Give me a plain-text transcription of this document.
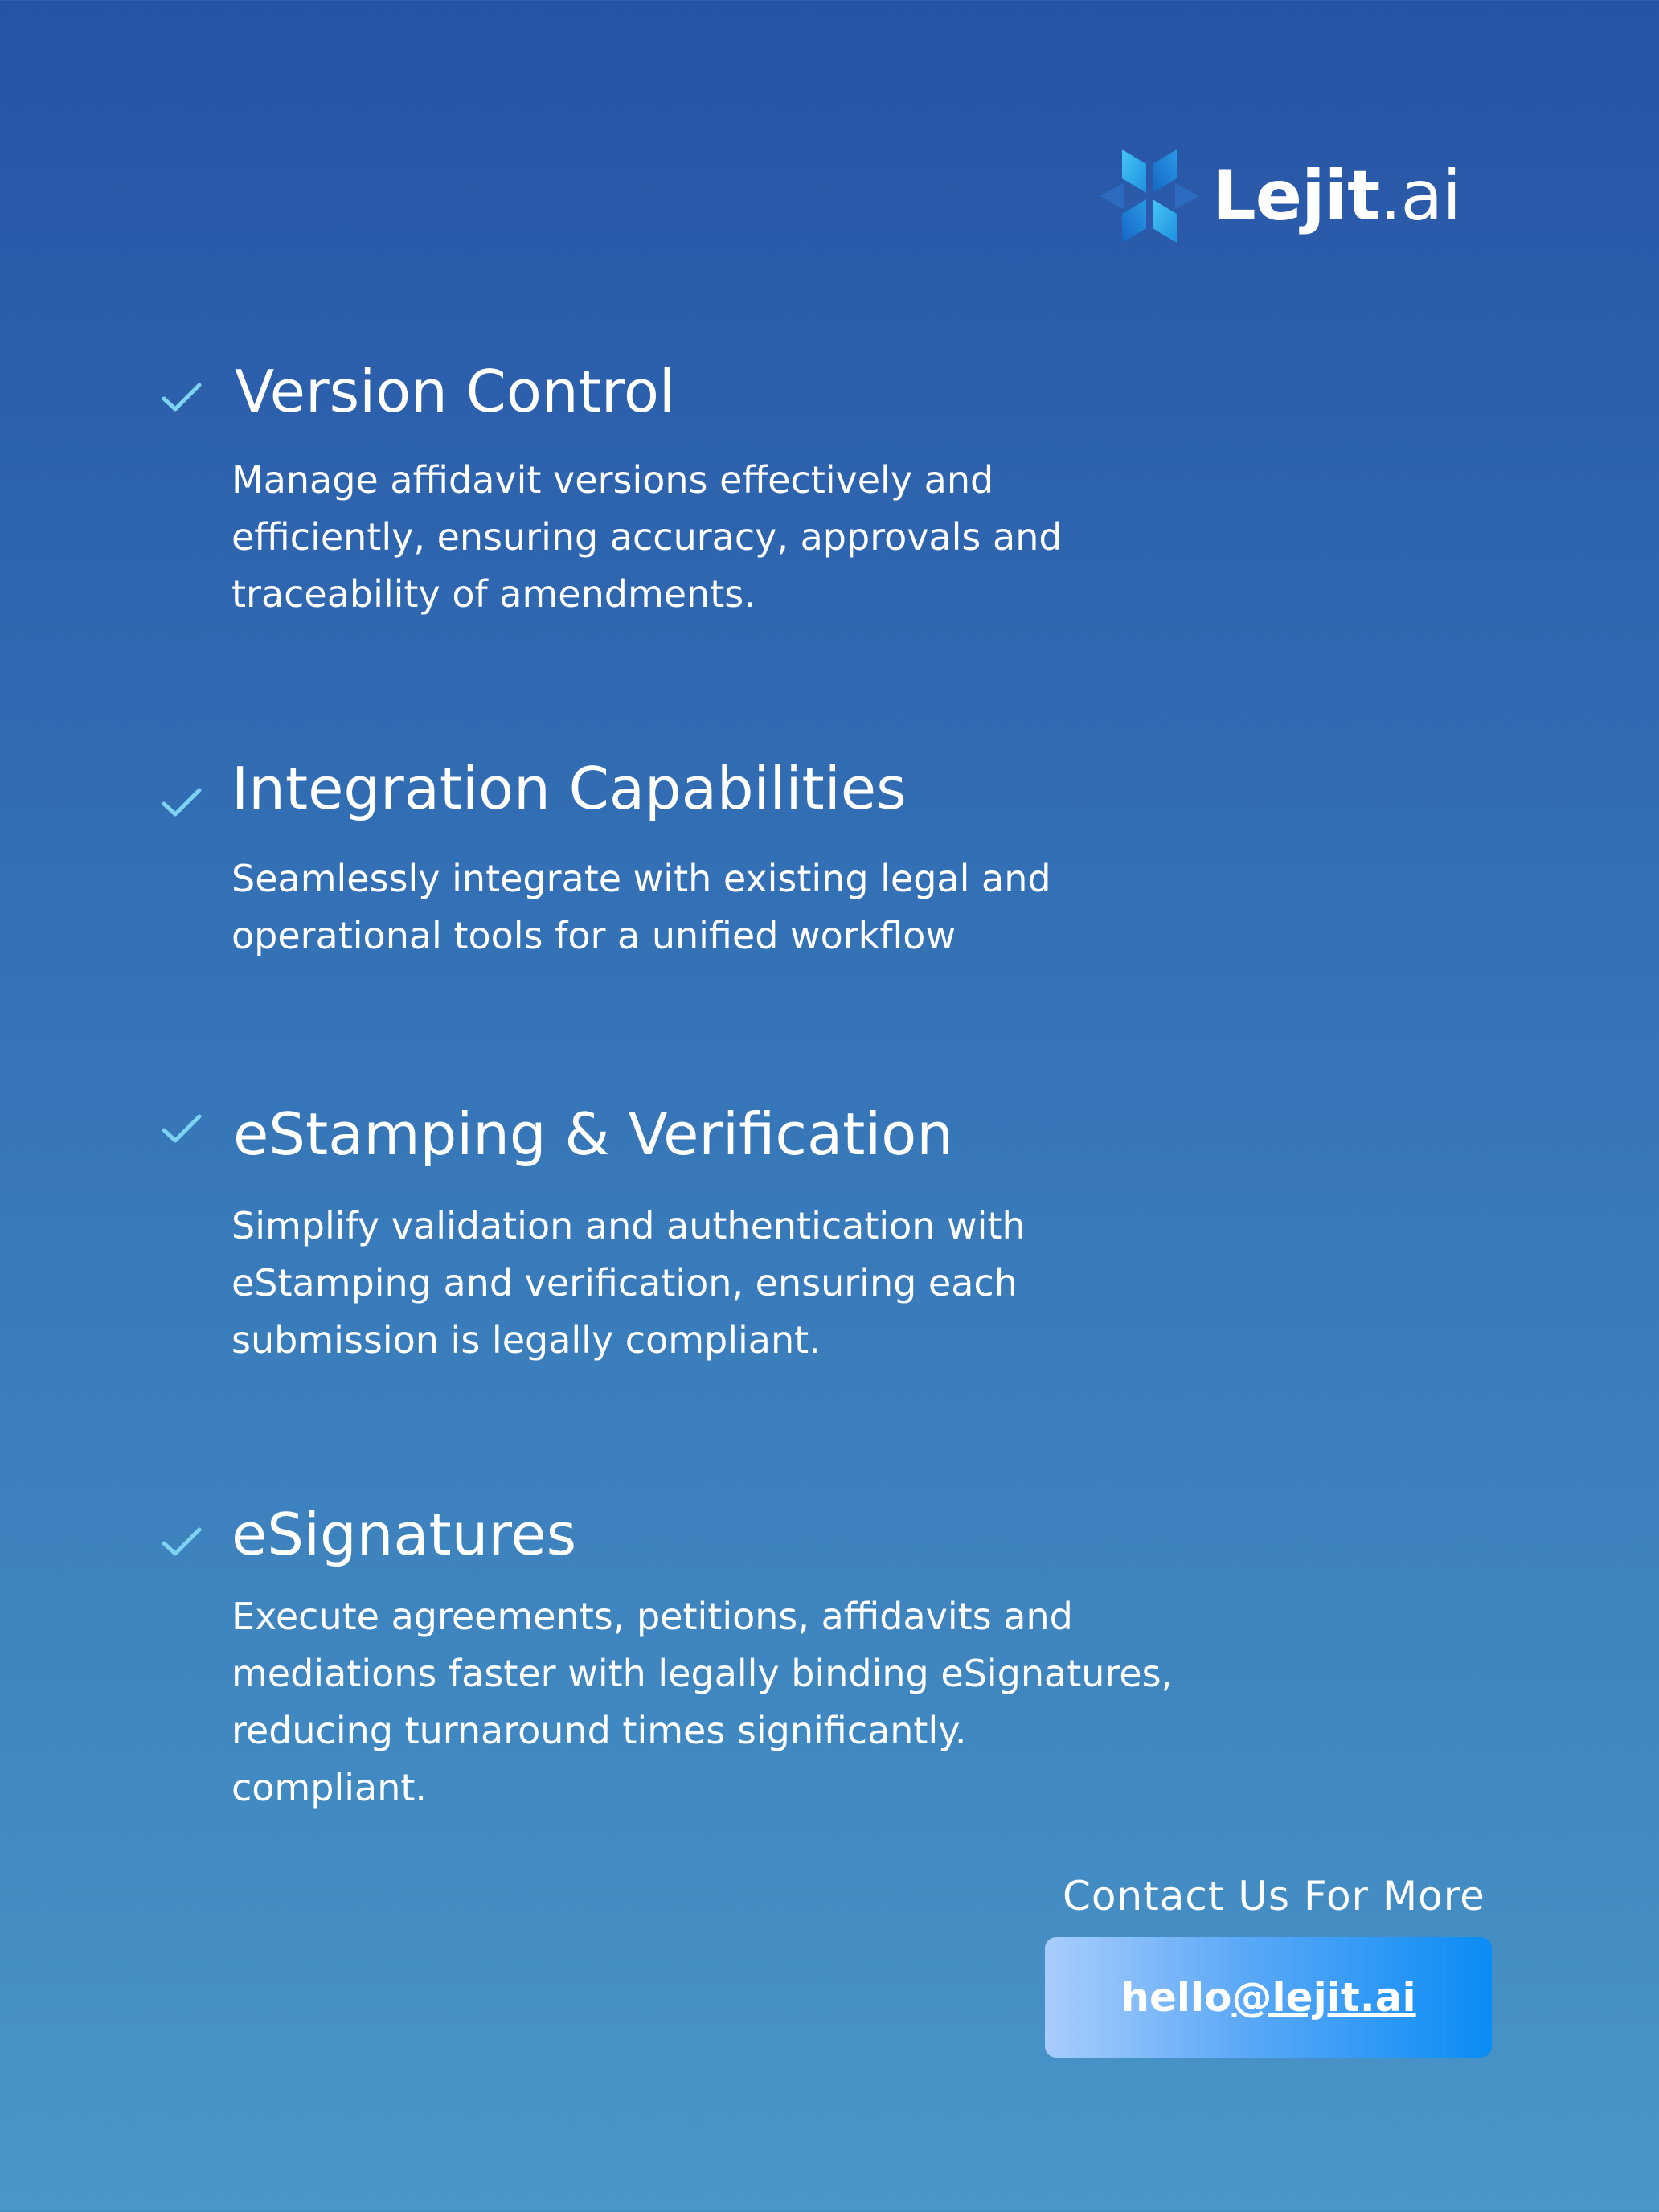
Lejit.ai
Version Control

Manage affidavit versions effectively and
efficiently, ensuring accuracy, approvals and
traceability of amendments.

Integration Capabilities

Seamlessly integrate with existing legal and
operational tools for a unified workflow

eStamping & Verification

Simplify validation and authentication with
eStamping and verification, ensuring each
submission is legally compliant.

eSignatures

Execute agreements, petitions, affidavits and
mediations faster with legally binding eSignatures,
reducing turnaround times significantly.
compliant.

Contact Us For More
hello@lejit.ai
